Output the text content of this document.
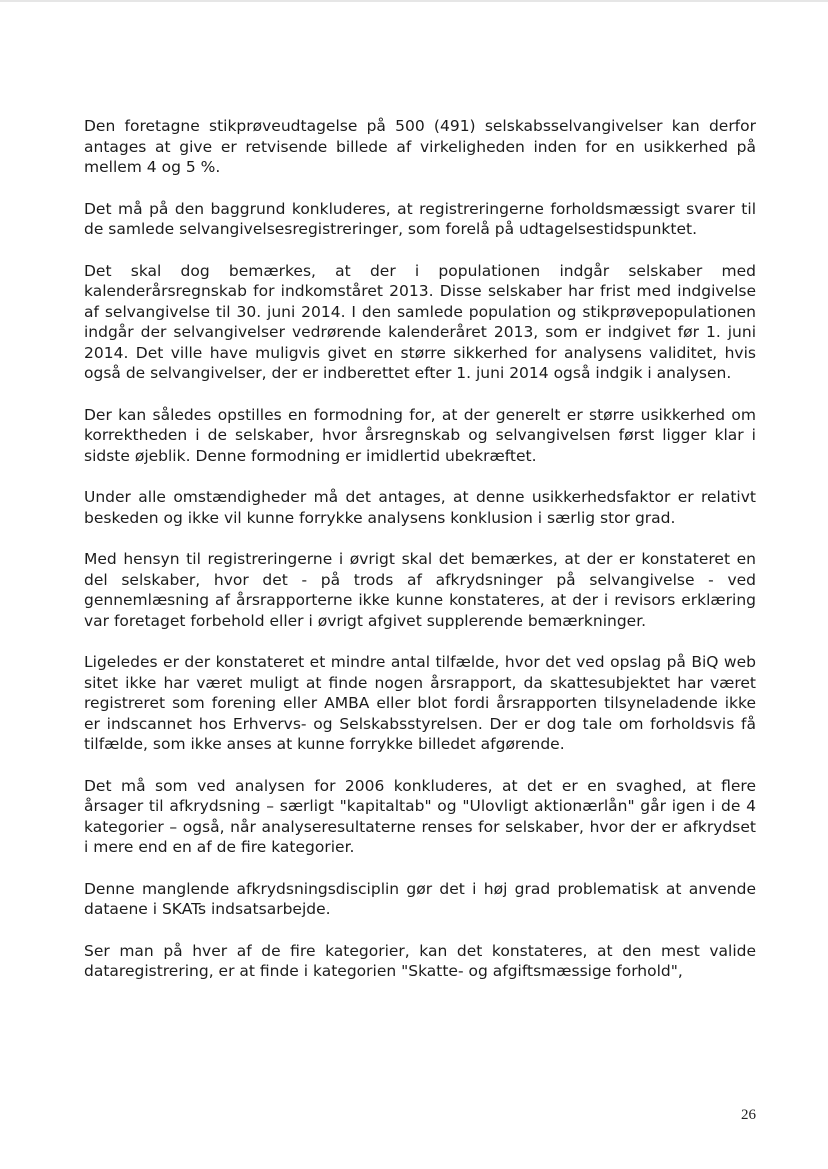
Den foretagne stikprøveudtagelse på 500 (491) selskabsselvangivelser kan derfor antages at give er retvisende billede af virkeligheden inden for en usikkerhed på mellem 4 og 5 %.

Det må på den baggrund konkluderes, at registreringerne forholdsmæssigt svarer til de samlede selvangivelsesregistreringer, som forelå på udtagelsestidspunktet.

Det skal dog bemærkes, at der i populationen indgår selskaber med kalenderårsregnskab for indkomståret 2013. Disse selskaber har frist med indgivelse af selvangivelse til 30. juni 2014. I den samlede population og stikprøvepopulationen indgår der selvangivelser vedrørende kalenderåret 2013, som er indgivet før 1. juni 2014. Det ville have muligvis givet en større sikkerhed for analysens validitet, hvis også de selvangivelser, der er indberettet efter 1. juni 2014 også indgik i analysen.

Der kan således opstilles en formodning for, at der generelt er større usikkerhed om korrektheden i de selskaber, hvor årsregnskab og selvangivelsen først ligger klar i sidste øjeblik. Denne formodning er imidlertid ubekræftet.

Under alle omstændigheder må det antages, at denne usikkerhedsfaktor er relativt beskeden og ikke vil kunne forrykke analysens konklusion i særlig stor grad.

Med hensyn til registreringerne i øvrigt skal det bemærkes, at der er konstateret en del selskaber, hvor det - på trods af afkrydsninger på selvangivelse - ved gennemlæsning af årsrapporterne ikke kunne konstateres, at der i revisors erklæring var foretaget forbehold eller i øvrigt afgivet supplerende bemærkninger.

Ligeledes er der konstateret et mindre antal tilfælde, hvor det ved opslag på BiQ web sitet ikke har været muligt at finde nogen årsrapport, da skattesubjektet har været registreret som forening eller AMBA eller blot fordi årsrapporten tilsyneladende ikke er indscannet hos Erhvervs- og Selskabsstyrelsen. Der er dog tale om forholdsvis få tilfælde, som ikke anses at kunne forrykke billedet afgørende.

Det må som ved analysen for 2006 konkluderes, at det er en svaghed, at flere årsager til afkrydsning – særligt "kapitaltab" og "Ulovligt aktionærlån" går igen i de 4 kategorier – også, når analyseresultaterne renses for selskaber, hvor der er afkrydset i mere end en af de fire kategorier.

Denne manglende afkrydsningsdisciplin gør det i høj grad problematisk at anvende dataene i SKATs indsatsarbejde.

Ser man på hver af de fire kategorier, kan det konstateres, at den mest valide dataregistrering, er at finde i kategorien "Skatte- og afgiftsmæssige forhold",

26
